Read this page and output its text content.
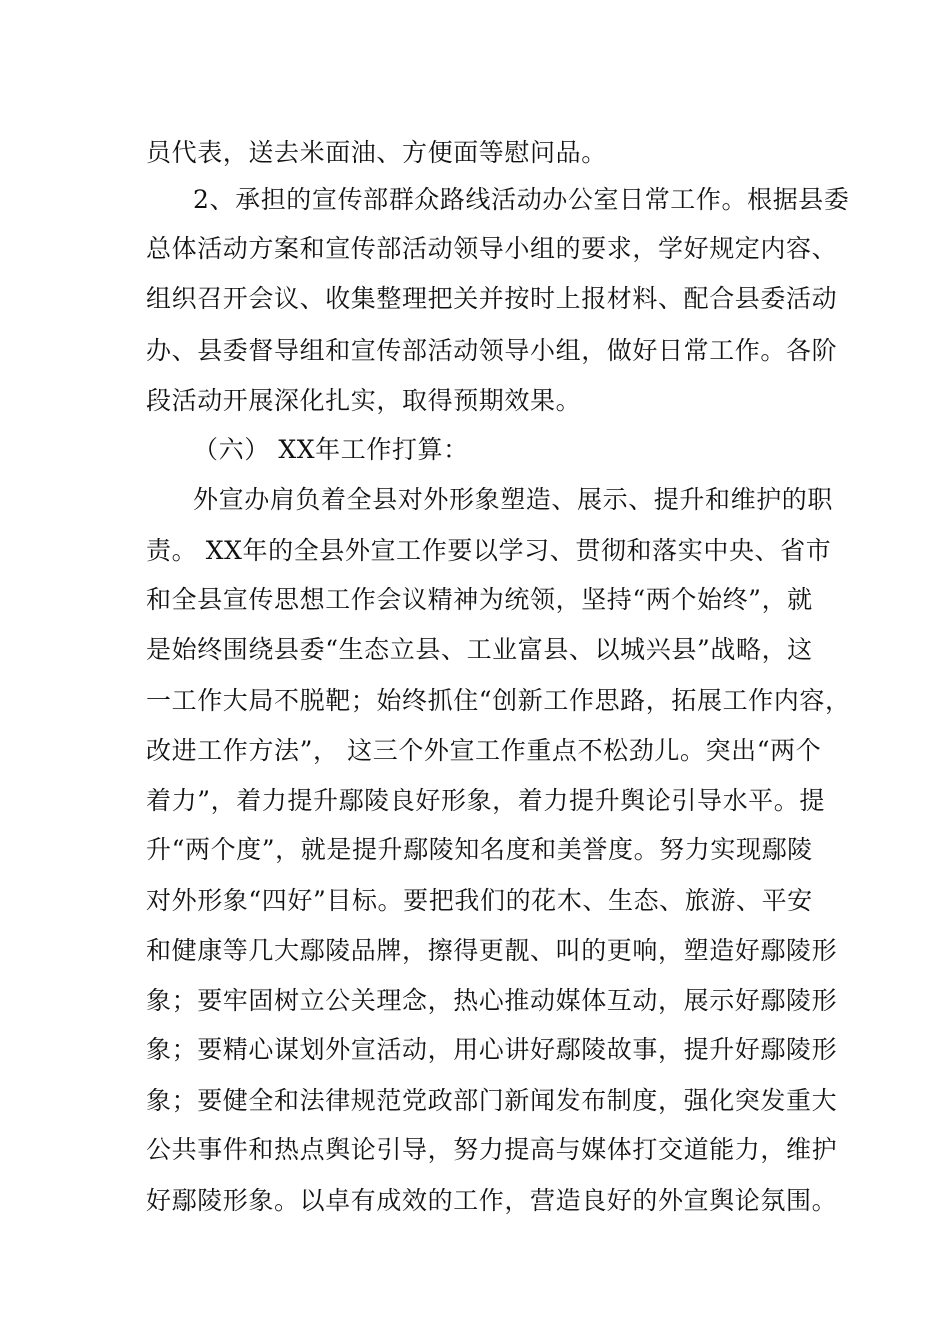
员代表，送去米面油、方便面等慰问品。
2、承担的宣传部群众路线活动办公室日常工作。根据县委
总体活动方案和宣传部活动领导小组的要求，学好规定内容、
组织召开会议、收集整理把关并按时上报材料、配合县委活动
办、县委督导组和宣传部活动领导小组，做好日常工作。各阶
段活动开展深化扎实，取得预期效果。
（六） XX年工作打算：
外宣办肩负着全县对外形象塑造、展示、提升和维护的职
责。 XX年的全县外宣工作要以学习、贯彻和落实中央、省市
和全县宣传思想工作会议精神为统领，坚持“两个始终”，就
是始终围绕县委“生态立县、工业富县、以城兴县”战略，这
一工作大局不脱靶；始终抓住“创新工作思路，拓展工作内容，
改进工作方法”， 这三个外宣工作重点不松劲儿。突出“两个
着力”，着力提升鄢陵良好形象，着力提升舆论引导水平。提
升“两个度”，就是提升鄢陵知名度和美誉度。努力实现鄢陵
对外形象“四好”目标。要把我们的花木、生态、旅游、平安
和健康等几大鄢陵品牌，擦得更靓、叫的更响，塑造好鄢陵形
象；要牢固树立公关理念，热心推动媒体互动，展示好鄢陵形
象；要精心谋划外宣活动，用心讲好鄢陵故事，提升好鄢陵形
象；要健全和法律规范党政部门新闻发布制度，强化突发重大
公共事件和热点舆论引导，努力提高与媒体打交道能力，维护
好鄢陵形象。以卓有成效的工作，营造良好的外宣舆论氛围。
